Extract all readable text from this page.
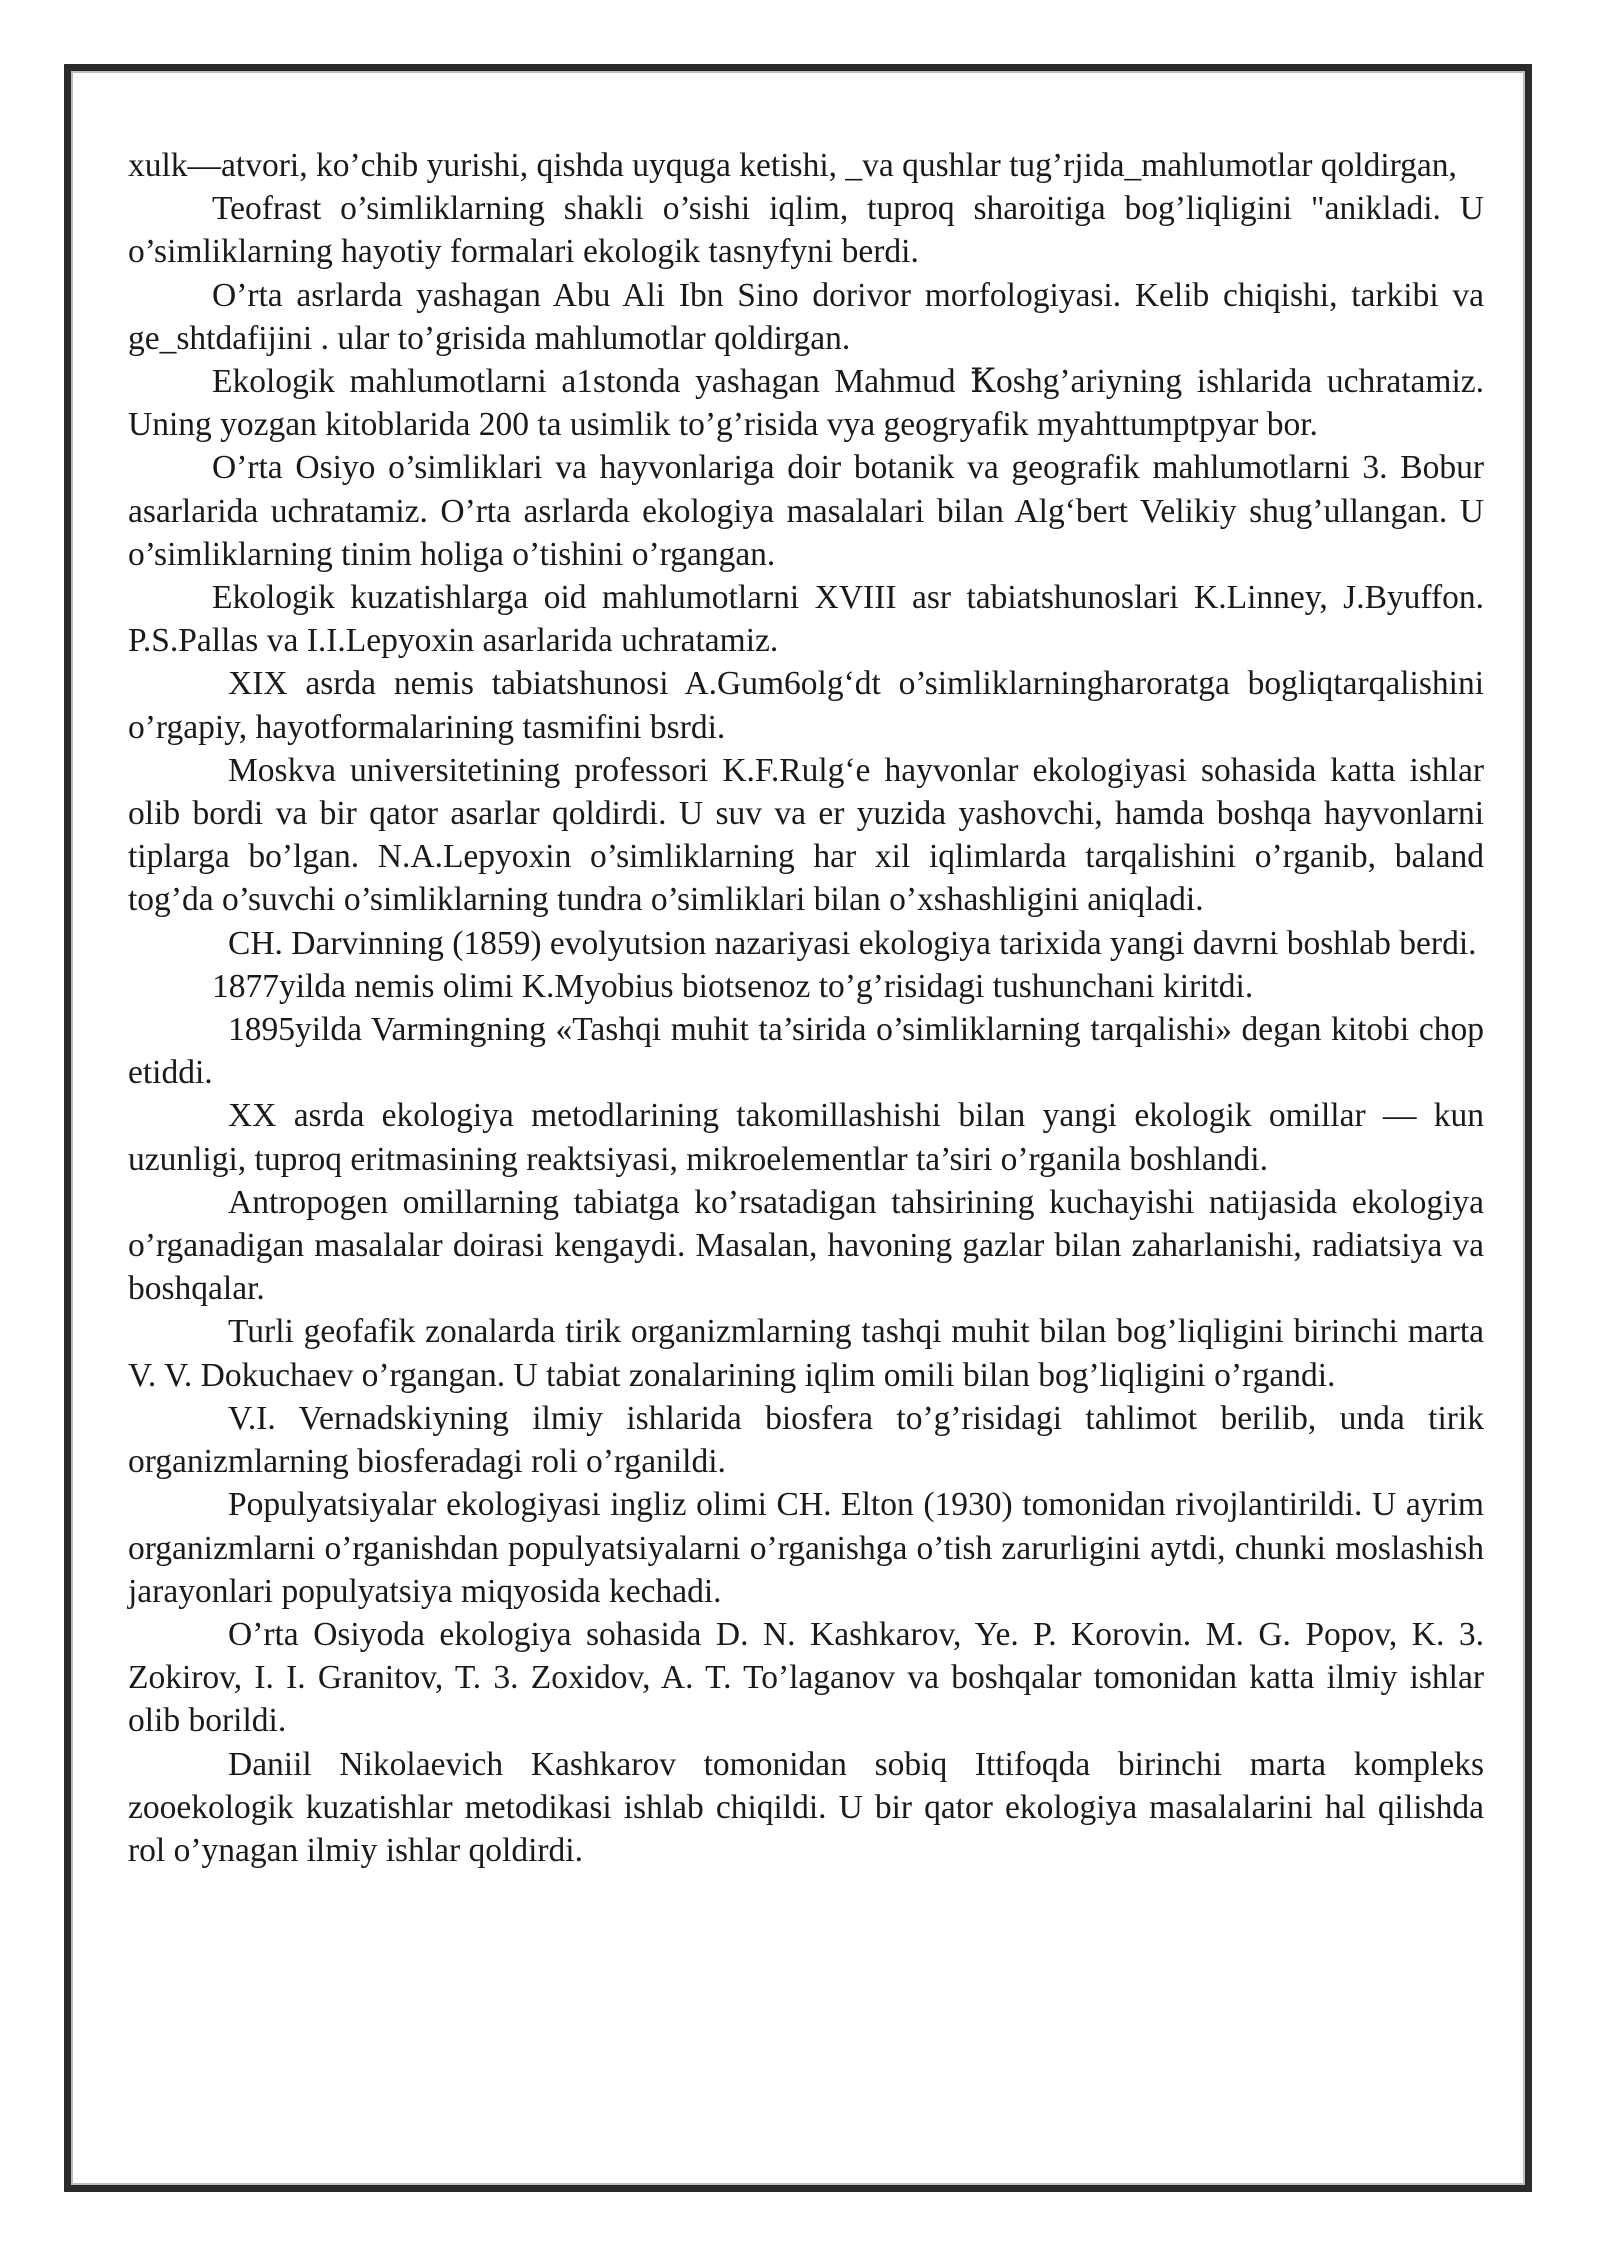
xulk—atvori, ko’chib yurishi, qishda uyquga ketishi, _va qushlar tug’rjida_mahlumotlar qoldirgan,

Teofrast o’simliklarning shakli o’sishi iqlim, tuproq sharoitiga bog’liqligini "anikladi. U o’simliklarning hayotiy formalari ekologik tasnyfyni berdi.

O’rta asrlarda yashagan Abu Ali Ibn Sino dorivor morfologiyasi. Kelib chiqishi, tarkibi va ge_shtdafijini . ular to’grisida mahlumotlar qoldirgan.

Ekologik mahlumotlarni a1stonda yashagan Mahmud Ꝁoshg’ariyning ishlarida uchratamiz. Uning yozgan kitoblarida 200 ta usimlik to’g’risida vya geogryafik myahttumptpyar bor.

O’rta Osiyo o’simliklari va hayvonlariga doir botanik va geografik mahlumotlarni 3. Bobur asarlarida uchratamiz. O’rta asrlarda ekologiya masalalari bilan Alg‘bert Velikiy shug’ullangan. U o’simliklarning tinim holiga o’tishini o’rgangan.

Ekologik kuzatishlarga oid mahlumotlarni XVIII asr tabiatshunoslari K.Linney, J.Byuffon. P.S.Pallas va I.I.Lepyoxin asarlarida uchratamiz.

XIX asrda nemis tabiatshunosi A.Gum6olg‘dt o’simliklarningharoratga bogliqtarqalishini o’rgapiy, hayotformalarining tasmifini bsrdi.

Moskva universitetining professori K.F.Rulg‘e hayvonlar ekologiyasi sohasida katta ishlar olib bordi va bir qator asarlar qoldirdi. U suv va er yuzida yashovchi, hamda boshqa hayvonlarni tiplarga bo’lgan. N.A.Lepyoxin o’simliklarning har xil iqlimlarda tarqalishini o’rganib, baland tog’da o’suvchi o’simliklarning tundra o’simliklari bilan o’xshashligini aniqladi.

CH. Darvinning (1859) evolyutsion nazariyasi ekologiya tarixida yangi davrni boshlab berdi.

1877yilda nemis olimi K.Myobius biotsenoz to’g’risidagi tushunchani kiritdi.

1895yilda Varmingning «Tashqi muhit ta’sirida o’simliklarning tarqalishi» degan kitobi chop etiddi.

XX asrda ekologiya metodlarining takomillashishi bilan yangi ekologik omillar — kun uzunligi, tuproq eritmasining reaktsiyasi, mikroelementlar ta’siri o’rganila boshlandi.

Antropogen omillarning tabiatga ko’rsatadigan tahsirining kuchayishi natijasida ekologiya o’rganadigan masalalar doirasi kengaydi. Masalan, havoning gazlar bilan zaharlanishi, radiatsiya va boshqalar.

Turli geofafik zonalarda tirik organizmlarning tashqi muhit bilan bog’liqligini birinchi marta V. V. Dokuchaev o’rgangan. U tabiat zonalarining iqlim omili bilan bog’liqligini o’rgandi.

V.I. Vernadskiyning ilmiy ishlarida biosfera to’g’risidagi tahlimot berilib, unda tirik organizmlarning biosferadagi roli o’rganildi.

Populyatsiyalar ekologiyasi ingliz olimi CH. Elton (1930) tomonidan rivojlantirildi. U ayrim organizmlarni o’rganishdan populyatsiyalarni o’rganishga o’tish zarurligini aytdi, chunki moslashish jarayonlari populyatsiya miqyosida kechadi.

O’rta Osiyoda ekologiya sohasida D. N. Kashkarov, Ye. P. Korovin. M. G. Popov, K. 3. Zokirov, I. I. Granitov, T. 3. Zoxidov, A. T. To’laganov va boshqalar tomonidan katta ilmiy ishlar olib borildi.

Daniil Nikolaevich Kashkarov tomonidan sobiq Ittifoqda birinchi marta kompleks zooekologik kuzatishlar metodikasi ishlab chiqildi. U bir qator ekologiya masalalarini hal qilishda rol o’ynagan ilmiy ishlar qoldirdi.
